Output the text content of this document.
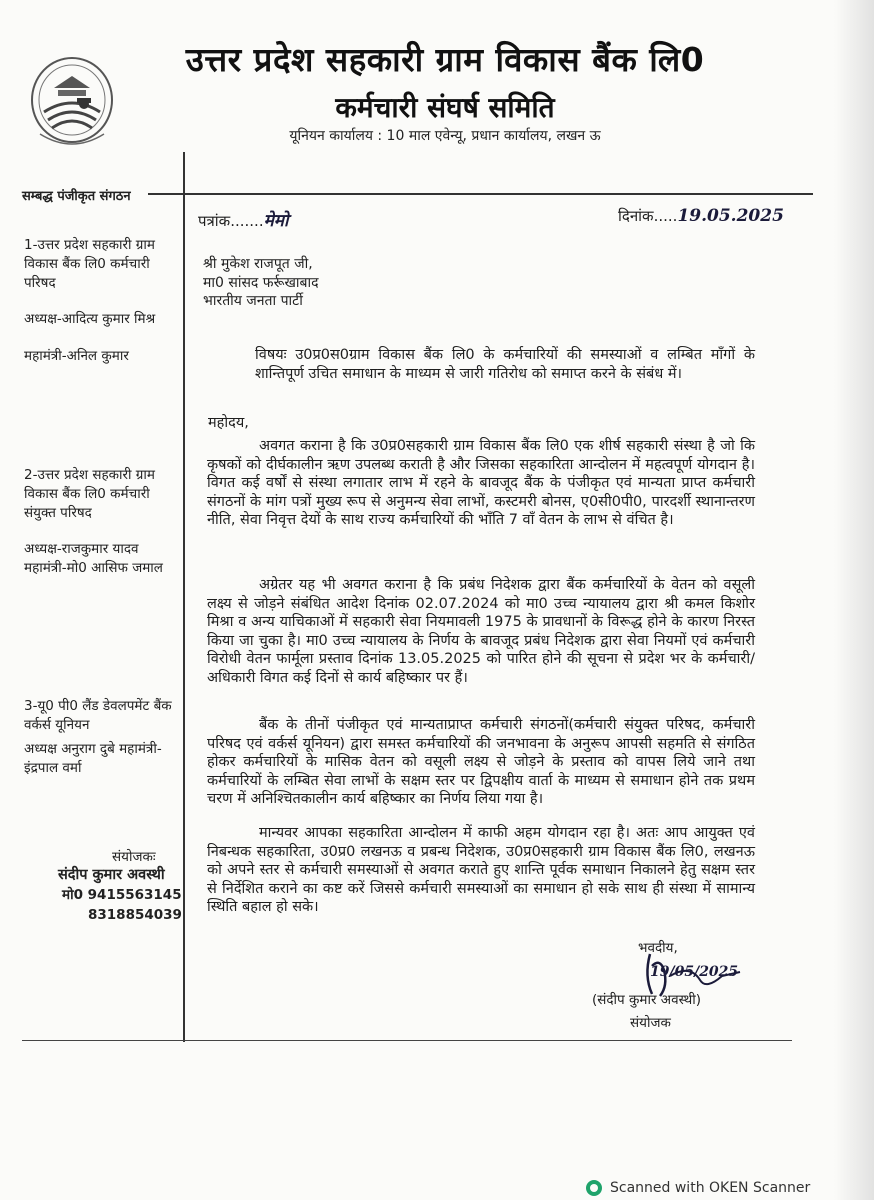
उत्तर प्रदेश सहकारी ग्राम विकास बैंक लि0
कर्मचारी संघर्ष समिति
यूनियन कार्यालय : 10 माल एवेन्यू, प्रधान कार्यालय, लखन ऊ
सम्बद्ध पंजीकृत संगठन
पत्रांक.......मेमो	दिनांक.....19.05.2025
1-उत्तर प्रदेश सहकारी ग्राम विकास बैंक लि0 कर्मचारी परिषद
अध्यक्ष-आदित्य कुमार मिश्र
महामंत्री-अनिल कुमार
2-उत्तर प्रदेश सहकारी ग्राम विकास बैंक लि0 कर्मचारी संयुक्त परिषद
अध्यक्ष-राजकुमार यादव महामंत्री-मो0 आसिफ जमाल
3-यू0 पी0 लैंड डेवलपमेंट बैंक वर्कर्स यूनियन
अध्यक्ष अनुराग दुबे महामंत्री-इंद्रपाल वर्मा
संयोजकः
संदीप कुमार अवस्थी
मो0 9415563145
8318854039
श्री मुकेश राजपूत जी,
मा0 सांसद फर्रूखाबाद
भारतीय जनता पार्टी
विषयः उ0प्र0स0ग्राम विकास बैंक लि0 के कर्मचारियों की समस्याओं व लम्बित माँगों के शान्तिपूर्ण उचित समाधान के माध्यम से जारी गतिरोध को समाप्त करने के संबंध में।
महोदय,
अवगत कराना है कि उ0प्र0सहकारी ग्राम विकास बैंक लि0 एक शीर्ष सहकारी संस्था है जो कि कृषकों को दीर्घकालीन ऋण उपलब्ध कराती है और जिसका सहकारिता आन्दोलन में महत्वपूर्ण योगदान है। विगत कई वर्षों से संस्था लगातार लाभ में रहने के बावजूद बैंक के पंजीकृत एवं मान्यता प्राप्त कर्मचारी संगठनों के मांग पत्रों मुख्य रूप से अनुमन्य सेवा लाभों, कस्टमरी बोनस, ए0सी0पी0, पारदर्शी स्थानान्तरण नीति, सेवा निवृत्त देयों के साथ राज्य कर्मचारियों की भाँति 7 वाँ वेतन के लाभ से वंचित है।
अग्रेतर यह भी अवगत कराना है कि प्रबंध निदेशक द्वारा बैंक कर्मचारियों के वेतन को वसूली लक्ष्य से जोड़ने संबंधित आदेश दिनांक 02.07.2024 को मा0 उच्च न्यायालय द्वारा श्री कमल किशोर मिश्रा व अन्य याचिकाओं में सहकारी सेवा नियमावली 1975 के प्रावधानों के विरूद्ध होने के कारण निरस्त किया जा चुका है। मा0 उच्च न्यायालय के निर्णय के बावजूद प्रबंध निदेशक द्वारा सेवा नियमों एवं कर्मचारी विरोधी वेतन फार्मूला प्रस्ताव दिनांक 13.05.2025 को पारित होने की सूचना से प्रदेश भर के कर्मचारी/अधिकारी विगत कई दिनों से कार्य बहिष्कार पर हैं।
बैंक के तीनों पंजीकृत एवं मान्यताप्राप्त कर्मचारी संगठनों(कर्मचारी संयुक्त परिषद, कर्मचारी परिषद एवं वर्कर्स यूनियन) द्वारा समस्त कर्मचारियों की जनभावना के अनुरूप आपसी सहमति से संगठित होकर कर्मचारियों के मासिक वेतन को वसूली लक्ष्य से जोड़ने के प्रस्ताव को वापस लिये जाने तथा कर्मचारियों के लम्बित सेवा लाभों के सक्षम स्तर पर द्विपक्षीय वार्ता के माध्यम से समाधान होने तक प्रथम चरण में अनिश्चितकालीन कार्य बहिष्कार का निर्णय लिया गया है।
मान्यवर आपका सहकारिता आन्दोलन में काफी अहम योगदान रहा है। अतः आप आयुक्त एवं निबन्धक सहकारिता, उ0प्र0 लखनऊ व प्रबन्ध निदेशक, उ0प्र0सहकारी ग्राम विकास बैंक लि0, लखनऊ को अपने स्तर से कर्मचारी समस्याओं से अवगत कराते हुए शान्ति पूर्वक समाधान निकालने हेतु सक्षम स्तर से निर्देशित कराने का कष्ट करें जिससे कर्मचारी समस्याओं का समाधान हो सके साथ ही संस्था में सामान्य स्थिति बहाल हो सके।
भवदीय,
19/05/2025
(संदीप कुमार अवस्थी)
संयोजक
Scanned with OKEN Scanner
